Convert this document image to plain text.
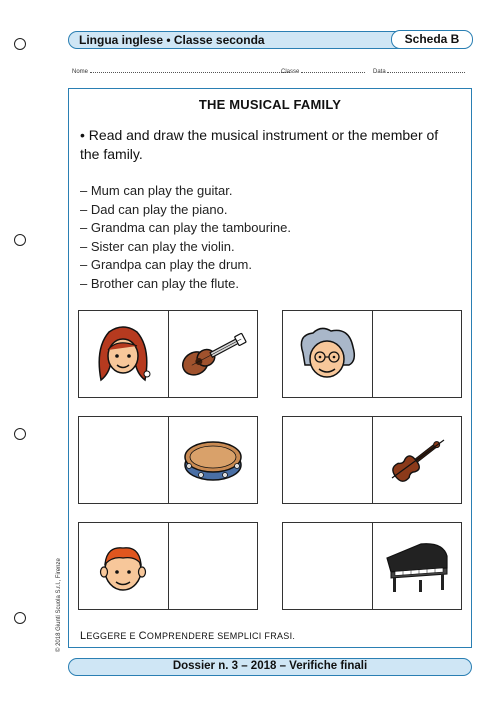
Lingua inglese • Classe seconda	Scheda B
Nome	Classe	Data
THE MUSICAL FAMILY
• Read and draw the musical instrument or the member of the family.
– Mum can play the guitar.
– Dad can play the piano.
– Grandma can play the tambourine.
– Sister can play the violin.
– Grandpa can play the drum.
– Brother can play the flute.
LEGGERE E COMPRENDERE SEMPLICI FRASI.
© 2018 Giunti Scuola S.r.l., Firenze
Dossier n. 3 – 2018 – Verifiche finali
